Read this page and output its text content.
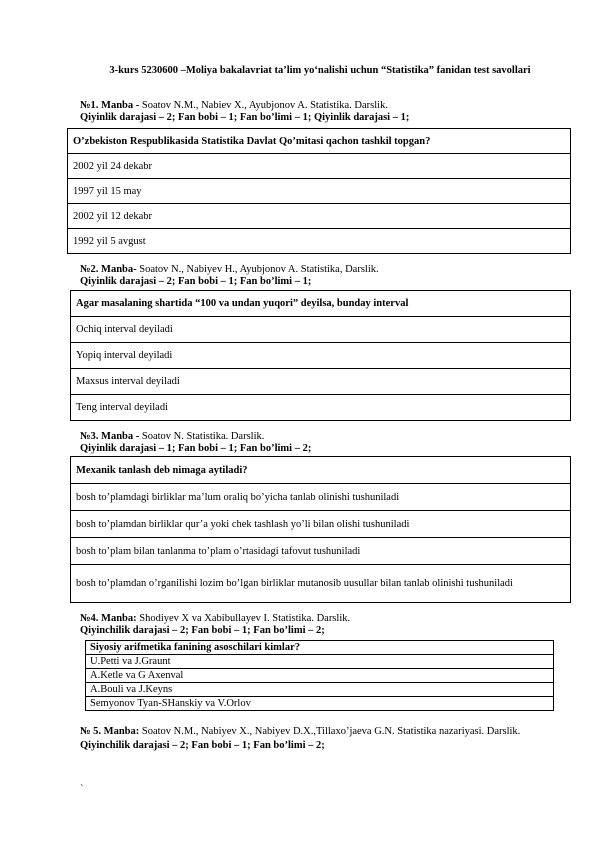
3-kurs 5230600 –Moliya bakalavriat ta’lim yo‘nalishi uchun “Statistika” fanidan test savollari
№1. Manba - Soatov N.M., Nabiev X., Ayubjonov A. Statistika. Darslik.
Qiyinlik darajasi – 2; Fan bobi – 1; Fan bo’limi – 1; Qiyinlik darajasi – 1;
O’zbekiston Respublikasida Statistika Davlat Qo’mitasi qachon tashkil topgan?
2002 yil 24 dekabr
1997 yil 15 may
2002 yil 12 dekabr
1992 yil 5 avgust
№2. Manba- Soatov N., Nabiyev H., Ayubjonov A. Statistika, Darslik.
Qiyinlik darajasi – 2; Fan bobi – 1; Fan bo’limi – 1;
Agar masalaning shartida “100 va undan yuqori” deyilsa, bunday interval
Ochiq interval deyiladi
Yopiq interval deyiladi
Maxsus interval deyiladi
Teng interval deyiladi
№3. Manba - Soatov N. Statistika. Darslik.
Qiyinlik darajasi – 1; Fan bobi – 1; Fan bo’limi – 2;
Mexanik tanlash deb nimaga aytiladi?
bosh to’plamdagi birliklar ma’lum oraliq bo’yicha tanlab olinishi tushuniladi
bosh to’plamdan birliklar qur’a yoki chek tashlash yo’li bilan olishi tushuniladi
bosh to’plam bilan tanlanma to’plam o’rtasidagi tafovut tushuniladi
bosh to’plamdan o’rganilishi lozim bo’lgan birliklar mutanosib uusullar bilan tanlab olinishi tushuniladi
№4. Manba: Shodiyev X va Xabibullayev I. Statistika. Darslik.
Qiyinchilik darajasi – 2; Fan bobi – 1; Fan bo’limi – 2;
Siyosiy arifmetika fanining asoschilari kimlar?
U.Petti va J.Graunt
A.Ketle va G Axenval
A.Bouli va J.Keyns
Semyonov Tyan-SHanskiy va V.Orlov
№ 5. Manba: Soatov N.M., Nabiyev X., Nabiyev D.X.,Tillaxo’jaeva G.N. Statistika nazariyasi. Darslik.
Qiyinchilik darajasi – 2; Fan bobi – 1; Fan bo’limi – 2;
`
